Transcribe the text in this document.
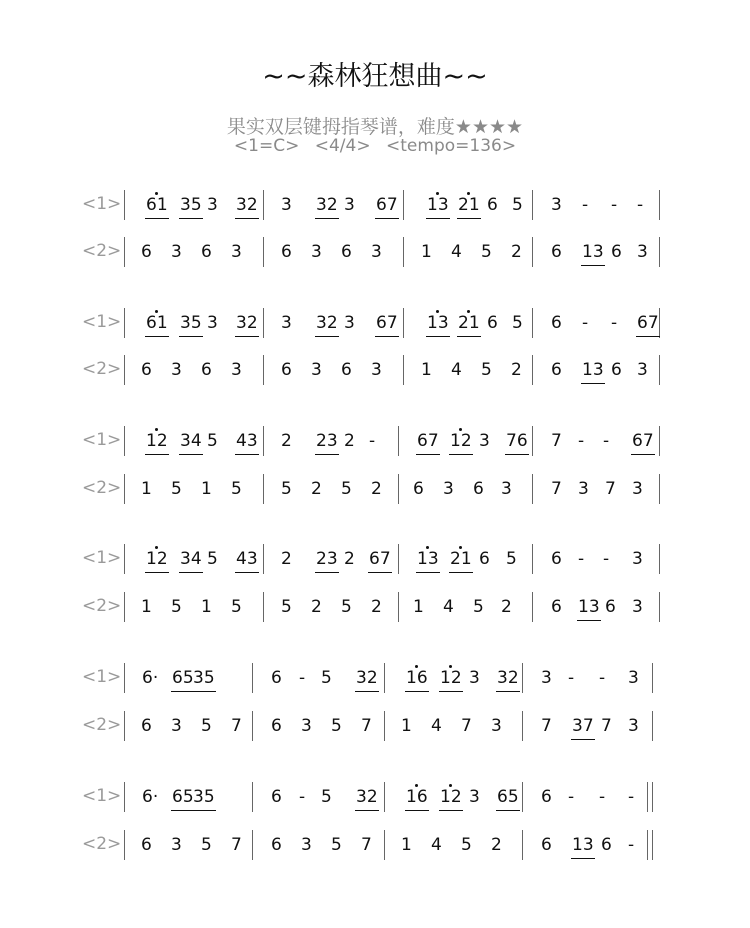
~~森林狂想曲~~
果实双层键拇指琴谱，难度★★★★
<1=C> <4/4> <tempo=136>
<1> 61 35 3 32 3 32 3 67 13 21 6 5 3 - - -
<2> 6 3 6 3 6 3 6 3 1 4 5 2 6 13 6 3
<1> 61 35 3 32 3 32 3 67 13 21 6 5 6 - - 67
<2> 6 3 6 3 6 3 6 3 1 4 5 2 6 13 6 3
<1> 12 34 5 43 2 23 2 - 67 12 3 76 7 - - 67
<2> 1 5 1 5 5 2 5 2 6 3 6 3 7 3 7 3
<1> 12 34 5 43 2 23 2 67 13 21 6 5 6 - - 3
<2> 1 5 1 5 5 2 5 2 1 4 5 2 6 13 6 3
<1> 6· 65 35	6 - 5 32 16 12 3 32 3 - - 3
<2> 6 3 5 7 6 3 5 7 1 4 7 3 7 37 7 3
<1> 6· 65 35	6 - 5 32 16 12 3 65 6 - - -
<2> 6 3 5 7 6 3 5 7 1 4 5 2 6 13 6 -
